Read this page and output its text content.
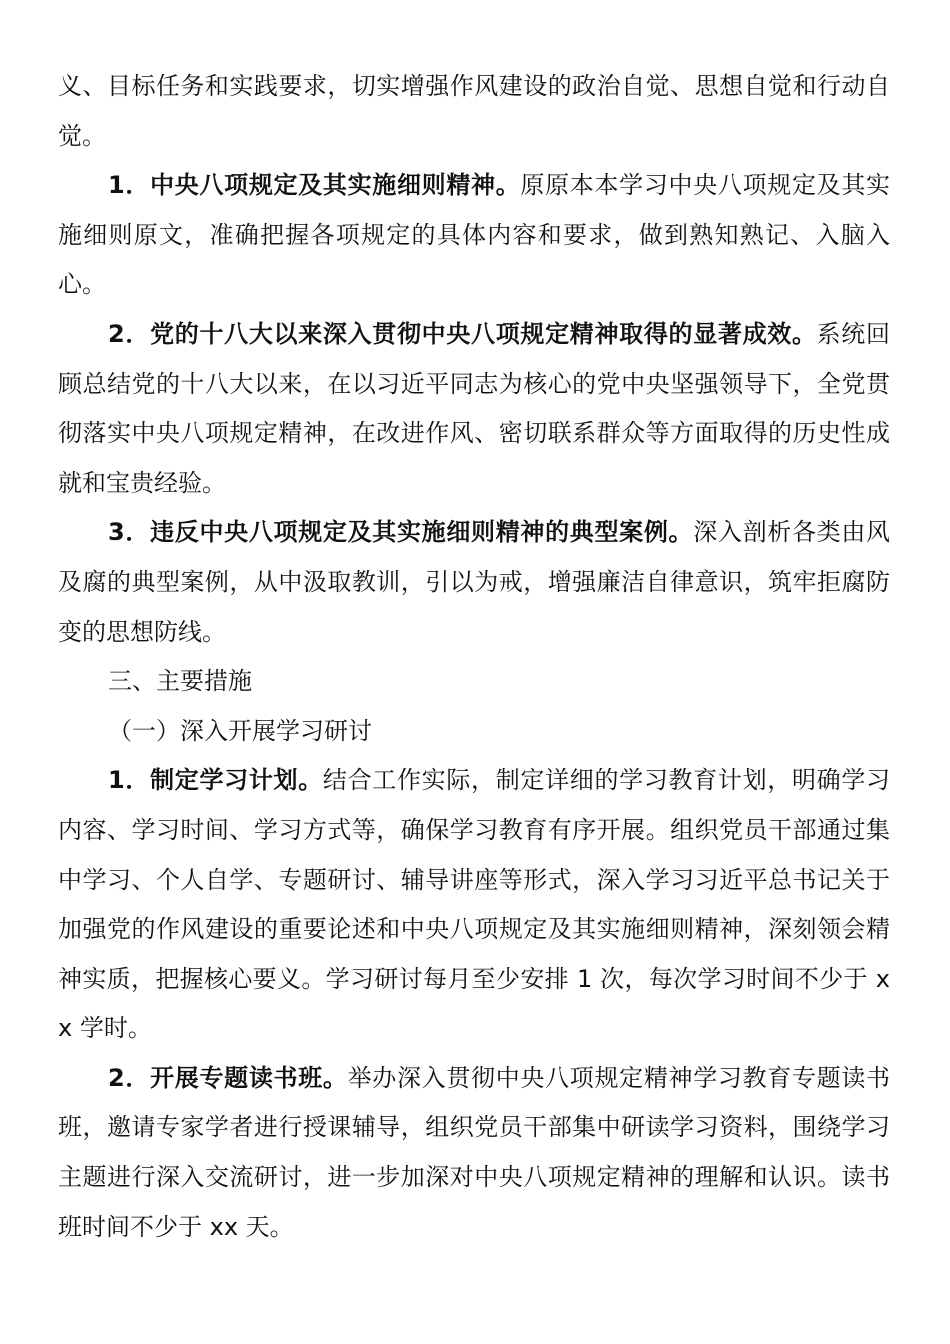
义、目标任务和实践要求，切实增强作风建设的政治自觉、思想自觉和行动自觉。

1．中央八项规定及其实施细则精神。原原本本学习中央八项规定及其实施细则原文，准确把握各项规定的具体内容和要求，做到熟知熟记、入脑入心。

2．党的十八大以来深入贯彻中央八项规定精神取得的显著成效。系统回顾总结党的十八大以来，在以习近平同志为核心的党中央坚强领导下，全党贯彻落实中央八项规定精神，在改进作风、密切联系群众等方面取得的历史性成就和宝贵经验。

3．违反中央八项规定及其实施细则精神的典型案例。深入剖析各类由风及腐的典型案例，从中汲取教训，引以为戒，增强廉洁自律意识，筑牢拒腐防变的思想防线。

三、主要措施

（一）深入开展学习研讨

1．制定学习计划。结合工作实际，制定详细的学习教育计划，明确学习内容、学习时间、学习方式等，确保学习教育有序开展。组织党员干部通过集中学习、个人自学、专题研讨、辅导讲座等形式，深入学习习近平总书记关于加强党的作风建设的重要论述和中央八项规定及其实施细则精神，深刻领会精神实质，把握核心要义。学习研讨每月至少安排 1 次，每次学习时间不少于 xx 学时。

2．开展专题读书班。举办深入贯彻中央八项规定精神学习教育专题读书班，邀请专家学者进行授课辅导，组织党员干部集中研读学习资料，围绕学习主题进行深入交流研讨，进一步加深对中央八项规定精神的理解和认识。读书班时间不少于 xx 天。
